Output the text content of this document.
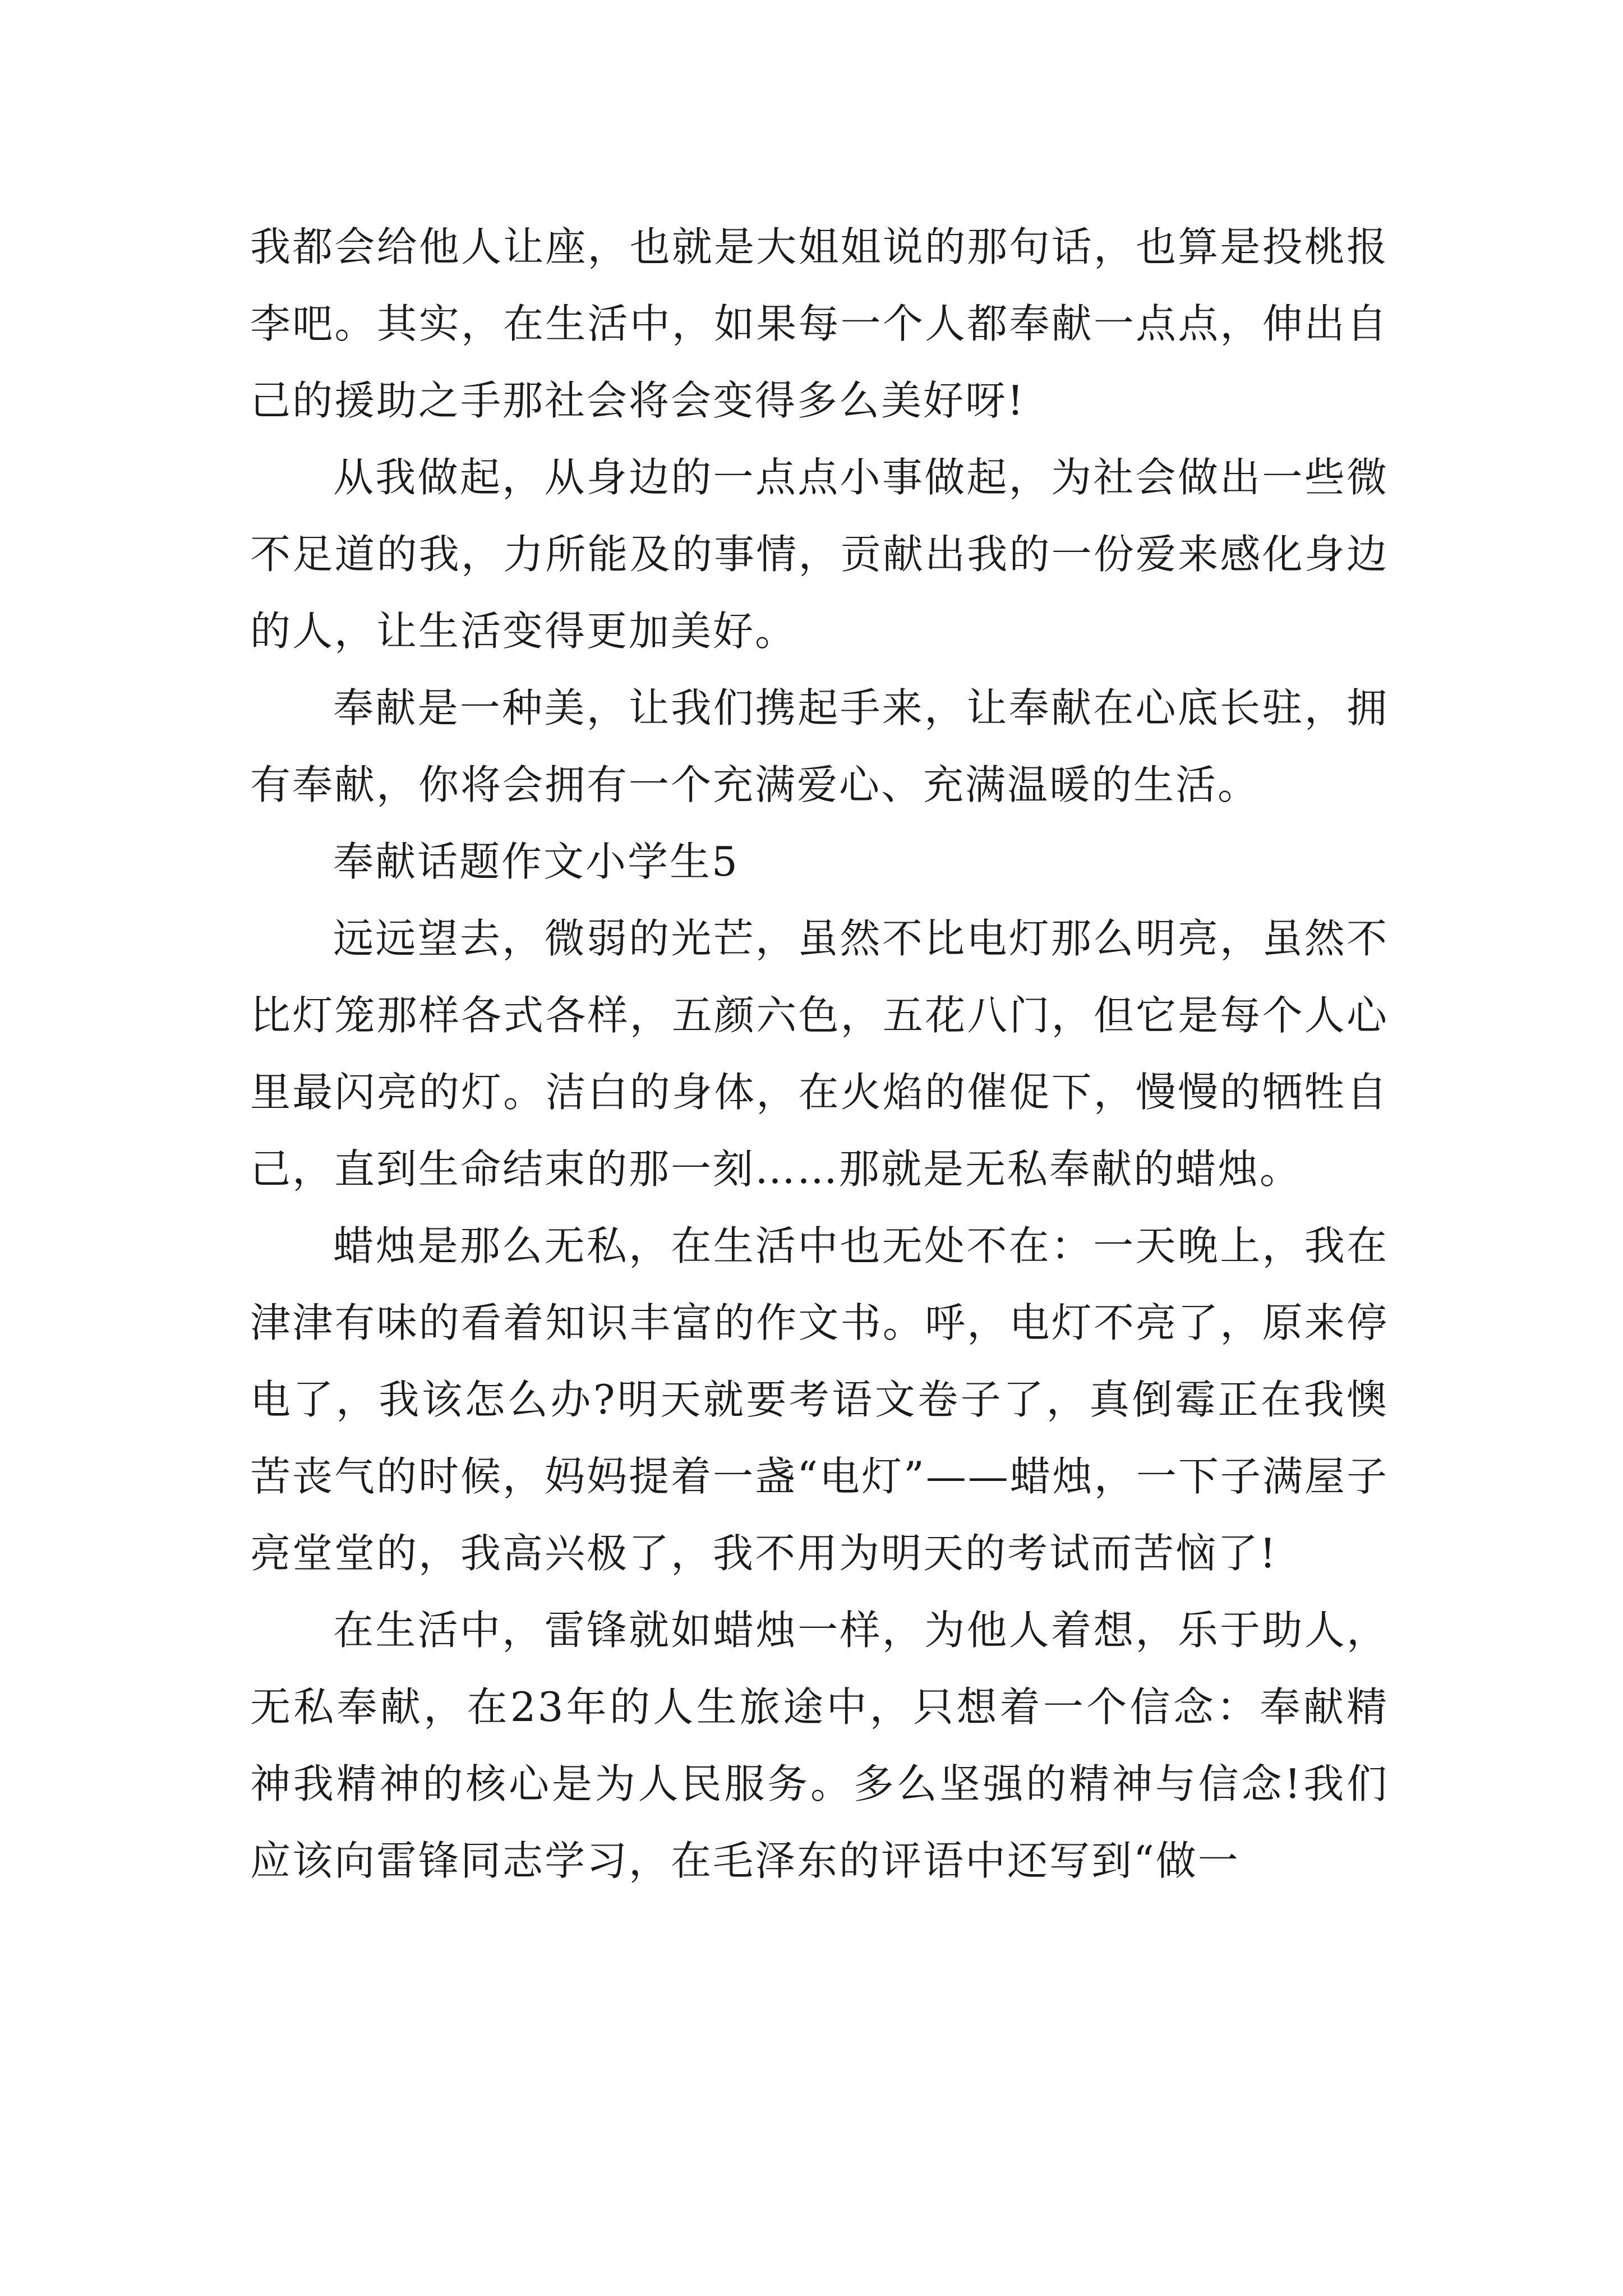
我都会给他人让座，也就是大姐姐说的那句话，也算是投桃报李吧。其实，在生活中，如果每一个人都奉献一点点，伸出自己的援助之手那社会将会变得多么美好呀!

从我做起，从身边的一点点小事做起，为社会做出一些微不足道的我，力所能及的事情，贡献出我的一份爱来感化身边的人，让生活变得更加美好。

奉献是一种美，让我们携起手来，让奉献在心底长驻，拥有奉献，你将会拥有一个充满爱心、充满温暖的生活。

奉献话题作文小学生5

远远望去，微弱的光芒，虽然不比电灯那么明亮，虽然不比灯笼那样各式各样，五颜六色，五花八门，但它是每个人心里最闪亮的灯。洁白的身体，在火焰的催促下，慢慢的牺牲自己，直到生命结束的那一刻……那就是无私奉献的蜡烛。

蜡烛是那么无私，在生活中也无处不在：一天晚上，我在津津有味的看着知识丰富的作文书。呼，电灯不亮了，原来停电了，我该怎么办?明天就要考语文卷子了，真倒霉正在我懊苦丧气的时候，妈妈提着一盏“电灯”——蜡烛，一下子满屋子亮堂堂的，我高兴极了，我不用为明天的考试而苦恼了!

在生活中，雷锋就如蜡烛一样，为他人着想，乐于助人，无私奉献，在23年的人生旅途中，只想着一个信念：奉献精神我精神的核心是为人民服务。多么坚强的精神与信念!我们应该向雷锋同志学习，在毛泽东的评语中还写到“做一
